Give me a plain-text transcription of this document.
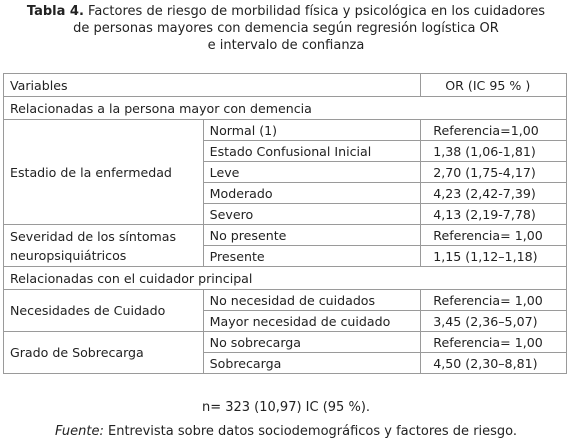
Tabla 4. Factores de riesgo de morbilidad física y psicológica en los cuidadores
de personas mayores con demencia según regresión logística OR
e intervalo de confianza
Variables		OR (IC 95 % )
Relacionadas a la persona mayor con demencia		
Estadio de la enfermedad	Normal (1)	Referencia=1,00
	Estado Confusional Inicial	1,38 (1,06-1,81)
	Leve	2,70 (1,75-4,17)
	Moderado	4,23 (2,42-7,39)
	Severo	4,13 (2,19-7,78)

Severidad de los síntomas
neuropsiquiátricos	No presente	Referencia= 1,00
	Presente	1,15 (1,12–1,18)
Relacionadas con el cuidador principal		
Necesidades de Cuidado	No necesidad de cuidados	Referencia= 1,00
	Mayor necesidad de cuidado	3,45 (2,36–5,07)
Grado de Sobrecarga	No sobrecarga	Referencia= 1,00
	Sobrecarga	4,50 (2,30–8,81)
n= 323 (10,97) IC (95 %).
Fuente: Entrevista sobre datos sociodemográficos y factores de riesgo.
